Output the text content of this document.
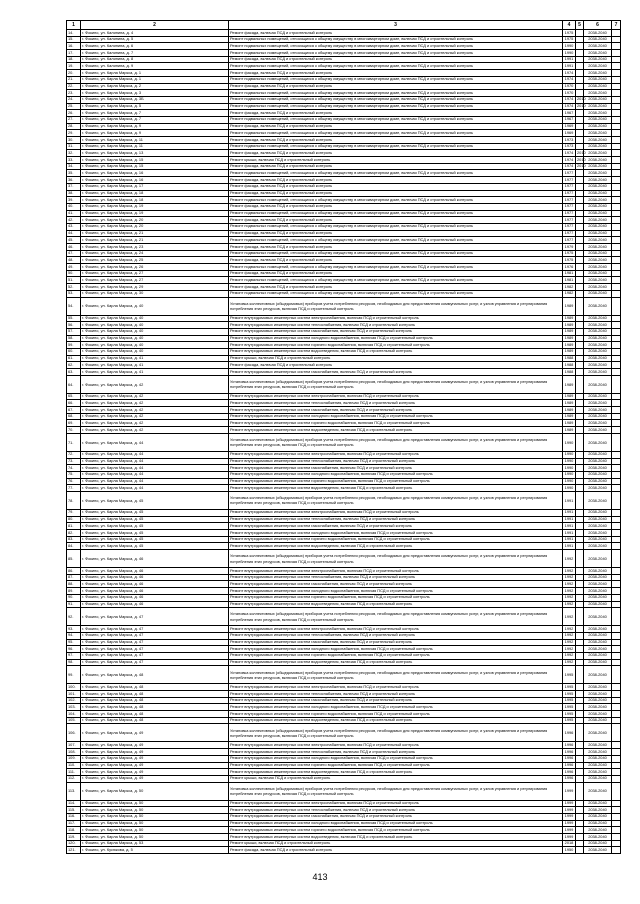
1	2	3	4	5	6	7
14.	г. Фокино, ул. Калинина, д. 4	Ремонт фасада, включая ПСД и строительный контроль	1975		2038-2040	
15.	г. Фокино, ул. Калинина, д. 5	Ремонт подвальных помещений, относящихся к общему имуществу в многоквартирном доме, включая ПСД и строительный контроль	1975		2038-2040	
16.	г. Фокино, ул. Калинина, д. 6	Ремонт подвальных помещений, относящихся к общему имуществу в многоквартирном доме, включая ПСД и строительный контроль	1990		2038-2040	
17.	г. Фокино, ул. Калинина, д. 7	Ремонт подвальных помещений, относящихся к общему имуществу в многоквартирном доме, включая ПСД и строительный контроль	1990		2038-2040	
18.	г. Фокино, ул. Калинина, д. 8	Ремонт фасада, включая ПСД и строительный контроль	1991		2038-2040	
19.	г. Фокино, ул. Калинина, д. 9	Ремонт подвальных помещений, относящихся к общему имуществу в многоквартирном доме, включая ПСД и строительный контроль	1991		2038-2040	
20.	г. Фокино, ул. Карла Маркса, д. 1	Ремонт фасада, включая ПСД и строительный контроль	1974		2038-2040	
21.	г. Фокино, ул. Карла Маркса, д. 1	Ремонт подвальных помещений, относящихся к общему имуществу в многоквартирном доме, включая ПСД и строительный контроль	1974		2038-2040	
22.	г. Фокино, ул. Карла Маркса, д. 2	Ремонт фасада, включая ПСД и строительный контроль	1970		2038-2040	
23.	г. Фокино, ул. Карла Маркса, д. 3	Ремонт подвальных помещений, относящихся к общему имуществу в многоквартирном доме, включая ПСД и строительный контроль	1970		2038-2040	
24.	г. Фокино, ул. Карла Маркса, д. 3Б	Ремонт подвальных помещений, относящихся к общему имуществу в многоквартирном доме, включая ПСД и строительный контроль	1974	2010	2038-2040	
25.	г. Фокино, ул. Карла Маркса, д. 5	Ремонт подвальных помещений, относящихся к общему имуществу в многоквартирном доме, включая ПСД и строительный контроль	1974	2010	2038-2040	
26.	г. Фокино, ул. Карла Маркса, д. 7	Ремонт фасада, включая ПСД и строительный контроль	1967		2038-2040	
27.	г. Фокино, ул. Карла Маркса, д. 7	Ремонт подвальных помещений, относящихся к общему имуществу в многоквартирном доме, включая ПСД и строительный контроль	1967		2038-2040	
28.	г. Фокино, ул. Карла Маркса, д. 9	Ремонт фасада, включая ПСД и строительный контроль	1969		2038-2040	
29.	г. Фокино, ул. Карла Маркса, д. 9	Ремонт подвальных помещений, относящихся к общему имуществу в многоквартирном доме, включая ПСД и строительный контроль	1969		2038-2040	
30.	г. Фокино, ул. Карла Маркса, д. 11	Ремонт фасада, включая ПСД и строительный контроль	1973		2038-2040	
31.	г. Фокино, ул. Карла Маркса, д. 11	Ремонт подвальных помещений, относящихся к общему имуществу в многоквартирном доме, включая ПСД и строительный контроль	1973		2038-2040	
32.	г. Фокино, ул. Карла Маркса, д. 13	Ремонт фасада, включая ПСД и строительный контроль	1974	2010	2038-2040	
33.	г. Фокино, ул. Карла Маркса, д. 15	Ремонт крыши, включая ПСД и строительный контроль	1974	2010	2038-2040	
34.	г. Фокино, ул. Карла Маркса, д. 15	Ремонт фасада, включая ПСД и строительный контроль	1974	2010	2038-2040	
35.	г. Фокино, ул. Карла Маркса, д. 16	Ремонт подвальных помещений, относящихся к общему имуществу в многоквартирном доме, включая ПСД и строительный контроль	1977		2038-2040	
36.	г. Фокино, ул. Карла Маркса, д. 16	Ремонт фасада, включая ПСД и строительный контроль	1977		2038-2040	
37.	г. Фокино, ул. Карла Маркса, д. 17	Ремонт фасада, включая ПСД и строительный контроль	1977		2038-2040	
38.	г. Фокино, ул. Карла Маркса, д. 18	Ремонт фасада, включая ПСД и строительный контроль	1977		2038-2040	
39.	г. Фокино, ул. Карла Маркса, д. 18	Ремонт подвальных помещений, относящихся к общему имуществу в многоквартирном доме, включая ПСД и строительный контроль	1977		2038-2040	
40.	г. Фокино, ул. Карла Маркса, д. 19	Ремонт фасада, включая ПСД и строительный контроль	1977		2038-2040	
41.	г. Фокино, ул. Карла Маркса, д. 19	Ремонт подвальных помещений, относящихся к общему имуществу в многоквартирном доме, включая ПСД и строительный контроль	1977		2038-2040	
42.	г. Фокино, ул. Карла Маркса, д. 20	Ремонт фасада, включая ПСД и строительный контроль	1977		2038-2040	
43.	г. Фокино, ул. Карла Маркса, д. 20	Ремонт подвальных помещений, относящихся к общему имуществу в многоквартирном доме, включая ПСД и строительный контроль	1977		2038-2040	
44.	г. Фокино, ул. Карла Маркса, д. 21	Ремонт фасада, включая ПСД и строительный контроль	1977		2038-2040	
45.	г. Фокино, ул. Карла Маркса, д. 21	Ремонт подвальных помещений, относящихся к общему имуществу в многоквартирном доме, включая ПСД и строительный контроль	1977		2038-2040	
46.	г. Фокино, ул. Карла Маркса, д. 23	Ремонт фасада, включая ПСД и строительный контроль	1979		2038-2040	
47.	г. Фокино, ул. Карла Маркса, д. 24	Ремонт подвальных помещений, относящихся к общему имуществу в многоквартирном доме, включая ПСД и строительный контроль	1975		2038-2040	
48.	г. Фокино, ул. Карла Маркса, д. 25	Ремонт фасада, включая ПСД и строительный контроль	1975		2038-2040	
49.	г. Фокино, ул. Карла Маркса, д. 26	Ремонт подвальных помещений, относящихся к общему имуществу в многоквартирном доме, включая ПСД и строительный контроль	1976		2038-2040	
50.	г. Фокино, ул. Карла Маркса, д. 27	Ремонт фасада, включая ПСД и строительный контроль	1981		2038-2040	
51.	г. Фокино, ул. Карла Маркса, д. 27	Ремонт подвальных помещений, относящихся к общему имуществу в многоквартирном доме, включая ПСД и строительный контроль	1981		2038-2040	
52.	г. Фокино, ул. Карла Маркса, д. 29	Ремонт фасада, включая ПСД и строительный контроль	1982		2038-2040	
53.	г. Фокино, ул. Карла Маркса, д. 30	Ремонт подвальных помещений, относящихся к общему имуществу в многоквартирном доме, включая ПСД и строительный контроль	1982		2038-2040	
54.	г. Фокино, ул. Карла Маркса, д. 40	Установка коллективных (общедомовых) приборов учета потребления ресурсов, необходимых для предоставления коммунальных услуг, и узлов управления и регулирования потребления этих ресурсов, включая ПСД и строительный контроль	1989		2038-2040	
55.	г. Фокино, ул. Карла Маркса, д. 40	Ремонт внутридомовых инженерных систем электроснабжения, включая ПСД и строительный контроль	1989		2038-2040	
56.	г. Фокино, ул. Карла Маркса, д. 40	Ремонт внутридомовых инженерных систем теплоснабжения, включая ПСД и строительный контроль	1989		2038-2040	
57.	г. Фокино, ул. Карла Маркса, д. 40	Ремонт внутридомовых инженерных систем газоснабжения, включая ПСД и строительный контроль	1989		2038-2040	
58.	г. Фокино, ул. Карла Маркса, д. 40	Ремонт внутридомовых инженерных систем холодного водоснабжения, включая ПСД и строительный контроль	1989		2038-2040	
59.	г. Фокино, ул. Карла Маркса, д. 40	Ремонт внутридомовых инженерных систем горячего водоснабжения, включая ПСД и строительный контроль	1989		2038-2040	
60.	г. Фокино, ул. Карла Маркса, д. 40	Ремонт внутридомовых инженерных систем водоотведения, включая ПСД и строительный контроль	1989		2038-2040	
61.	г. Фокино, ул. Карла Маркса, д. 41	Ремонт крыши, включая ПСД и строительный контроль	1988		2038-2040	
62.	г. Фокино, ул. Карла Маркса, д. 41	Ремонт фасада, включая ПСД и строительный контроль	1988		2038-2040	
63.	г. Фокино, ул. Карла Маркса, д. 41	Ремонт внутридомовых инженерных систем газоснабжения, включая ПСД и строительный контроль	1988		2038-2040	
64.	г. Фокино, ул. Карла Маркса, д. 42	Установка коллективных (общедомовых) приборов учета потребления ресурсов, необходимых для предоставления коммунальных услуг, и узлов управления и регулирования потребления этих ресурсов, включая ПСД и строительный контроль	1989		2038-2040	
65.	г. Фокино, ул. Карла Маркса, д. 42	Ремонт внутридомовых инженерных систем электроснабжения, включая ПСД и строительный контроль	1989		2038-2040	
66.	г. Фокино, ул. Карла Маркса, д. 42	Ремонт внутридомовых инженерных систем теплоснабжения, включая ПСД и строительный контроль	1989		2038-2040	
67.	г. Фокино, ул. Карла Маркса, д. 42	Ремонт внутридомовых инженерных систем газоснабжения, включая ПСД и строительный контроль	1989		2038-2040	
68.	г. Фокино, ул. Карла Маркса, д. 42	Ремонт внутридомовых инженерных систем холодного водоснабжения, включая ПСД и строительный контроль	1989		2038-2040	
69.	г. Фокино, ул. Карла Маркса, д. 42	Ремонт внутридомовых инженерных систем горячего водоснабжения, включая ПСД и строительный контроль	1989		2038-2040	
70.	г. Фокино, ул. Карла Маркса, д. 42	Ремонт внутридомовых инженерных систем водоотведения, включая ПСД и строительный контроль	1989		2038-2040	
71.	г. Фокино, ул. Карла Маркса, д. 44	Установка коллективных (общедомовых) приборов учета потребления ресурсов, необходимых для предоставления коммунальных услуг, и узлов управления и регулирования потребления этих ресурсов, включая ПСД и строительный контроль	1990		2038-2040	
72.	г. Фокино, ул. Карла Маркса, д. 44	Ремонт внутридомовых инженерных систем электроснабжения, включая ПСД и строительный контроль	1990		2038-2040	
73.	г. Фокино, ул. Карла Маркса, д. 44	Ремонт внутридомовых инженерных систем теплоснабжения, включая ПСД и строительный контроль	1990		2038-2040	
74.	г. Фокино, ул. Карла Маркса, д. 44	Ремонт внутридомовых инженерных систем газоснабжения, включая ПСД и строительный контроль	1990		2038-2040	
75.	г. Фокино, ул. Карла Маркса, д. 44	Ремонт внутридомовых инженерных систем холодного водоснабжения, включая ПСД и строительный контроль	1990		2038-2040	
76.	г. Фокино, ул. Карла Маркса, д. 44	Ремонт внутридомовых инженерных систем горячего водоснабжения, включая ПСД и строительный контроль	1990		2038-2040	
77.	г. Фокино, ул. Карла Маркса, д. 44	Ремонт внутридомовых инженерных систем водоотведения, включая ПСД и строительный контроль	1990		2038-2040	
78.	г. Фокино, ул. Карла Маркса, д. 45	Установка коллективных (общедомовых) приборов учета потребления ресурсов, необходимых для предоставления коммунальных услуг, и узлов управления и регулирования потребления этих ресурсов, включая ПСД и строительный контроль	1991		2038-2040	
79.	г. Фокино, ул. Карла Маркса, д. 45	Ремонт внутридомовых инженерных систем электроснабжения, включая ПСД и строительный контроль	1991		2038-2040	
80.	г. Фокино, ул. Карла Маркса, д. 45	Ремонт внутридомовых инженерных систем теплоснабжения, включая ПСД и строительный контроль	1991		2038-2040	
81.	г. Фокино, ул. Карла Маркса, д. 45	Ремонт внутридомовых инженерных систем газоснабжения, включая ПСД и строительный контроль	1991		2038-2040	
82.	г. Фокино, ул. Карла Маркса, д. 45	Ремонт внутридомовых инженерных систем холодного водоснабжения, включая ПСД и строительный контроль	1991		2038-2040	
83.	г. Фокино, ул. Карла Маркса, д. 45	Ремонт внутридомовых инженерных систем горячего водоснабжения, включая ПСД и строительный контроль	1991		2038-2040	
84.	г. Фокино, ул. Карла Маркса, д. 45	Ремонт внутридомовых инженерных систем водоотведения, включая ПСД и строительный контроль	1991		2038-2040	
85.	г. Фокино, ул. Карла Маркса, д. 46	Установка коллективных (общедомовых) приборов учета потребления ресурсов, необходимых для предоставления коммунальных услуг, и узлов управления и регулирования потребления этих ресурсов, включая ПСД и строительный контроль	1992		2038-2040	
86.	г. Фокино, ул. Карла Маркса, д. 46	Ремонт внутридомовых инженерных систем электроснабжения, включая ПСД и строительный контроль	1992		2038-2040	
87.	г. Фокино, ул. Карла Маркса, д. 46	Ремонт внутридомовых инженерных систем теплоснабжения, включая ПСД и строительный контроль	1992		2038-2040	
88.	г. Фокино, ул. Карла Маркса, д. 46	Ремонт внутридомовых инженерных систем газоснабжения, включая ПСД и строительный контроль	1992		2038-2040	
89.	г. Фокино, ул. Карла Маркса, д. 46	Ремонт внутридомовых инженерных систем холодного водоснабжения, включая ПСД и строительный контроль	1992		2038-2040	
90.	г. Фокино, ул. Карла Маркса, д. 46	Ремонт внутридомовых инженерных систем горячего водоснабжения, включая ПСД и строительный контроль	1992		2038-2040	
91.	г. Фокино, ул. Карла Маркса, д. 46	Ремонт внутридомовых инженерных систем водоотведения, включая ПСД и строительный контроль	1992		2038-2040	
92.	г. Фокино, ул. Карла Маркса, д. 47	Установка коллективных (общедомовых) приборов учета потребления ресурсов, необходимых для предоставления коммунальных услуг, и узлов управления и регулирования потребления этих ресурсов, включая ПСД и строительный контроль	1992		2038-2040	
93.	г. Фокино, ул. Карла Маркса, д. 47	Ремонт внутридомовых инженерных систем электроснабжения, включая ПСД и строительный контроль	1992		2038-2040	
94.	г. Фокино, ул. Карла Маркса, д. 47	Ремонт внутридомовых инженерных систем теплоснабжения, включая ПСД и строительный контроль	1992		2038-2040	
95.	г. Фокино, ул. Карла Маркса, д. 47	Ремонт внутридомовых инженерных систем газоснабжения, включая ПСД и строительный контроль	1992		2038-2040	
96.	г. Фокино, ул. Карла Маркса, д. 47	Ремонт внутридомовых инженерных систем холодного водоснабжения, включая ПСД и строительный контроль	1992		2038-2040	
97.	г. Фокино, ул. Карла Маркса, д. 47	Ремонт внутридомовых инженерных систем горячего водоснабжения, включая ПСД и строительный контроль	1992		2038-2040	
98.	г. Фокино, ул. Карла Маркса, д. 47	Ремонт внутридомовых инженерных систем водоотведения, включая ПСД и строительный контроль	1992		2038-2040	
99.	г. Фокино, ул. Карла Маркса, д. 48	Установка коллективных (общедомовых) приборов учета потребления ресурсов, необходимых для предоставления коммунальных услуг, и узлов управления и регулирования потребления этих ресурсов, включая ПСД и строительный контроль	1995		2038-2040	
100.	г. Фокино, ул. Карла Маркса, д. 48	Ремонт внутридомовых инженерных систем электроснабжения, включая ПСД и строительный контроль	1995		2038-2040	
101.	г. Фокино, ул. Карла Маркса, д. 48	Ремонт внутридомовых инженерных систем теплоснабжения, включая ПСД и строительный контроль	1995		2038-2040	
102.	г. Фокино, ул. Карла Маркса, д. 48	Ремонт внутридомовых инженерных систем газоснабжения, включая ПСД и строительный контроль	1995		2038-2040	
103.	г. Фокино, ул. Карла Маркса, д. 48	Ремонт внутридомовых инженерных систем холодного водоснабжения, включая ПСД и строительный контроль	1995		2038-2040	
104.	г. Фокино, ул. Карла Маркса, д. 48	Ремонт внутридомовых инженерных систем горячего водоснабжения, включая ПСД и строительный контроль	1995		2038-2040	
105.	г. Фокино, ул. Карла Маркса, д. 48	Ремонт внутридомовых инженерных систем водоотведения, включая ПСД и строительный контроль	1995		2038-2040	
106.	г. Фокино, ул. Карла Маркса, д. 49	Установка коллективных (общедомовых) приборов учета потребления ресурсов, необходимых для предоставления коммунальных услуг, и узлов управления и регулирования потребления этих ресурсов, включая ПСД и строительный контроль	1996		2038-2040	
107.	г. Фокино, ул. Карла Маркса, д. 49	Ремонт внутридомовых инженерных систем электроснабжения, включая ПСД и строительный контроль	1996		2038-2040	
108.	г. Фокино, ул. Карла Маркса, д. 49	Ремонт внутридомовых инженерных систем теплоснабжения, включая ПСД и строительный контроль	1996		2038-2040	
109.	г. Фокино, ул. Карла Маркса, д. 49	Ремонт внутридомовых инженерных систем холодного водоснабжения, включая ПСД и строительный контроль	1996		2038-2040	
110.	г. Фокино, ул. Карла Маркса, д. 49	Ремонт внутридомовых инженерных систем горячего водоснабжения, включая ПСД и строительный контроль	1996		2038-2040	
111.	г. Фокино, ул. Карла Маркса, д. 49	Ремонт внутридомовых инженерных систем водоотведения, включая ПСД и строительный контроль	1996		2038-2040	
112.	г. Фокино, ул. Карла Маркса, д. 49	Ремонт крыши, включая ПСД и строительный контроль	1996		2038-2040	
113.	г. Фокино, ул. Карла Маркса, д. 50	Установка коллективных (общедомовых) приборов учета потребления ресурсов, необходимых для предоставления коммунальных услуг, и узлов управления и регулирования потребления этих ресурсов, включая ПСД и строительный контроль	1999		2038-2040	
114.	г. Фокино, ул. Карла Маркса, д. 50	Ремонт внутридомовых инженерных систем электроснабжения, включая ПСД и строительный контроль	1999		2038-2040	
115.	г. Фокино, ул. Карла Маркса, д. 50	Ремонт внутридомовых инженерных систем теплоснабжения, включая ПСД и строительный контроль	1999		2038-2040	
116.	г. Фокино, ул. Карла Маркса, д. 50	Ремонт внутридомовых инженерных систем газоснабжения, включая ПСД и строительный контроль	1999		2038-2040	
117.	г. Фокино, ул. Карла Маркса, д. 50	Ремонт внутридомовых инженерных систем холодного водоснабжения, включая ПСД и строительный контроль	1999		2038-2040	
118.	г. Фокино, ул. Карла Маркса, д. 50	Ремонт внутридомовых инженерных систем горячего водоснабжения, включая ПСД и строительный контроль	1999		2038-2040	
119.	г. Фокино, ул. Карла Маркса, д. 50	Ремонт внутридомовых инженерных систем водоотведения, включая ПСД и строительный контроль	1999		2038-2040	
120.	г. Фокино, ул. Карла Маркса, д. 53	Ремонт крыши, включая ПСД и строительный контроль	2018		2038-2040	
121.	г. Фокино, ул. Кусюкова, д. 5	Ремонт фасада, включая ПСД и строительный контроль	1950		2038-2040	
413
